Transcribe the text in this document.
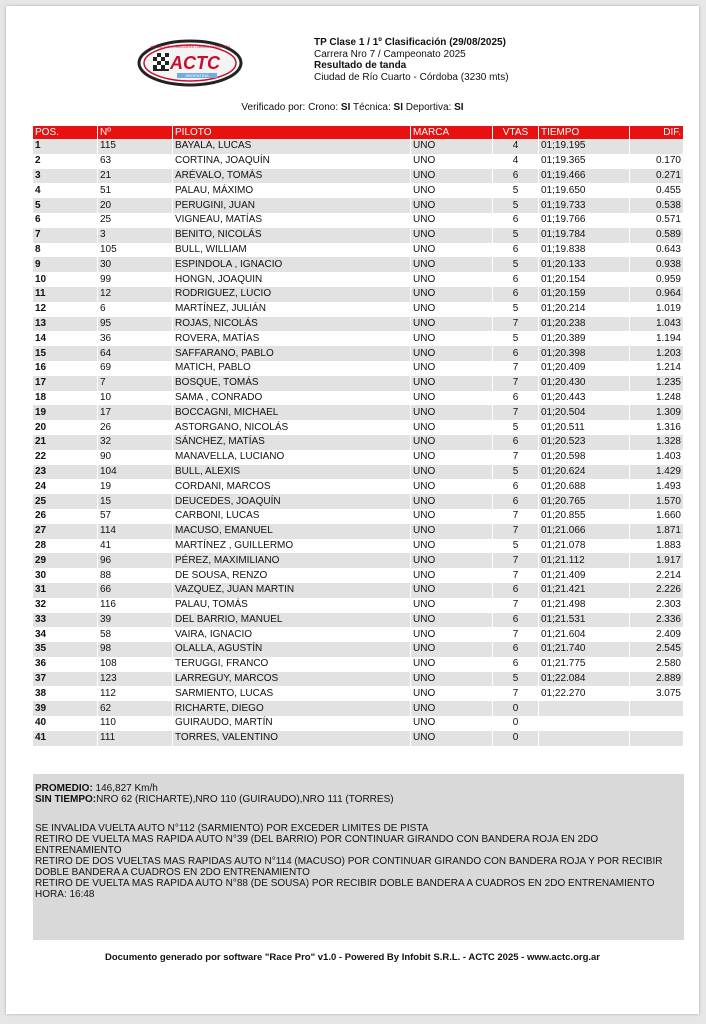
ACTC
ARGENTINA
ASOCIACIÓN CORREDORES TURISMO CARRETERA	TP Clase 1 / 1º Clasificación (29/08/2025)
Carrera Nro 7 / Campeonato 2025
Resultado de tanda
Ciudad de Río Cuarto - Córdoba (3230 mts)
Verificado por: Crono: SI Técnica: SI Deportiva: SI
POS.	Nº	PILOTO	MARCA	VTAS	TIEMPO	DIF.
1	115	BAYALA, LUCAS	UNO	4	01;19.195	
2	63	CORTINA, JOAQUÍN	UNO	4	01;19.365	0.170
3	21	ARÉVALO, TOMÁS	UNO	6	01;19.466	0.271
4	51	PALAU, MÁXIMO	UNO	5	01;19.650	0.455
5	20	PERUGINI, JUAN	UNO	5	01;19.733	0.538
6	25	VIGNEAU, MATÍAS	UNO	6	01;19.766	0.571
7	3	BENITO, NICOLÁS	UNO	5	01;19.784	0.589
8	105	BULL, WILLIAM	UNO	6	01;19.838	0.643
9	30	ESPINDOLA , IGNACIO	UNO	5	01;20.133	0.938
10	99	HONGN, JOAQUIN	UNO	6	01;20.154	0.959
11	12	RODRIGUEZ, LUCIO	UNO	6	01;20.159	0.964
12	6	MARTÍNEZ, JULIÁN	UNO	5	01;20.214	1.019
13	95	ROJAS, NICOLÁS	UNO	7	01;20.238	1.043
14	36	ROVERA, MATÍAS	UNO	5	01;20.389	1.194
15	64	SAFFARANO, PABLO	UNO	6	01;20.398	1.203
16	69	MATICH, PABLO	UNO	7	01;20.409	1.214
17	7	BOSQUE, TOMÁS	UNO	7	01;20.430	1.235
18	10	SAMA , CONRADO	UNO	6	01;20.443	1.248
19	17	BOCCAGNI, MICHAEL	UNO	7	01;20.504	1.309
20	26	ASTORGANO, NICOLÁS	UNO	5	01;20.511	1.316
21	32	SÁNCHEZ, MATÍAS	UNO	6	01;20.523	1.328
22	90	MANAVELLA, LUCIANO	UNO	7	01;20.598	1.403
23	104	BULL, ALEXIS	UNO	5	01;20.624	1.429
24	19	CORDANI, MARCOS	UNO	6	01;20.688	1.493
25	15	DEUCEDES, JOAQUÍN	UNO	6	01;20.765	1.570
26	57	CARBONI, LUCAS	UNO	7	01;20.855	1.660
27	114	MACUSO, EMANUEL	UNO	7	01;21.066	1.871
28	41	MARTÍNEZ , GUILLERMO	UNO	5	01;21.078	1.883
29	96	PÉREZ, MAXIMILIANO	UNO	7	01;21.112	1.917
30	88	DE SOUSA, RENZO	UNO	7	01;21.409	2.214
31	66	VAZQUEZ, JUAN MARTIN	UNO	6	01;21.421	2.226
32	116	PALAU, TOMÁS	UNO	7	01;21.498	2.303
33	39	DEL BARRIO, MANUEL	UNO	6	01;21.531	2.336
34	58	VAIRA, IGNACIO	UNO	7	01;21.604	2.409
35	98	OLALLA, AGUSTÍN	UNO	6	01;21.740	2.545
36	108	TERUGGI, FRANCO	UNO	6	01;21.775	2.580
37	123	LARREGUY, MARCOS	UNO	5	01;22.084	2.889
38	112	SARMIENTO, LUCAS	UNO	7	01;22.270	3.075
39	62	RICHARTE, DIEGO	UNO	0		
40	110	GUIRAUDO, MARTÍN	UNO	0		
41	111	TORRES, VALENTINO	UNO	0		
PROMEDIO: 146,827 Km/h
SIN TIEMPO:NRO 62 (RICHARTE),NRO 110 (GUIRAUDO),NRO 111 (TORRES)
SE INVALIDA VUELTA AUTO N°112 (SARMIENTO) POR EXCEDER LIMITES DE PISTA
RETIRO DE VUELTA MAS RAPIDA AUTO N°39 (DEL BARRIO) POR CONTINUAR GIRANDO CON BANDERA ROJA EN 2DO ENTRENAMIENTO
RETIRO DE DOS VUELTAS MAS RAPIDAS AUTO N°114 (MACUSO) POR CONTINUAR GIRANDO CON BANDERA ROJA Y POR RECIBIR DOBLE BANDERA A CUADROS EN 2DO ENTRENAMIENTO
RETIRO DE VUELTA MAS RAPIDA AUTO N°88 (DE SOUSA) POR RECIBIR DOBLE BANDERA A CUADROS EN 2DO ENTRENAMIENTO
HORA: 16:48
Documento generado por software "Race Pro" v1.0 - Powered By Infobit S.R.L. - ACTC 2025 - www.actc.org.ar
